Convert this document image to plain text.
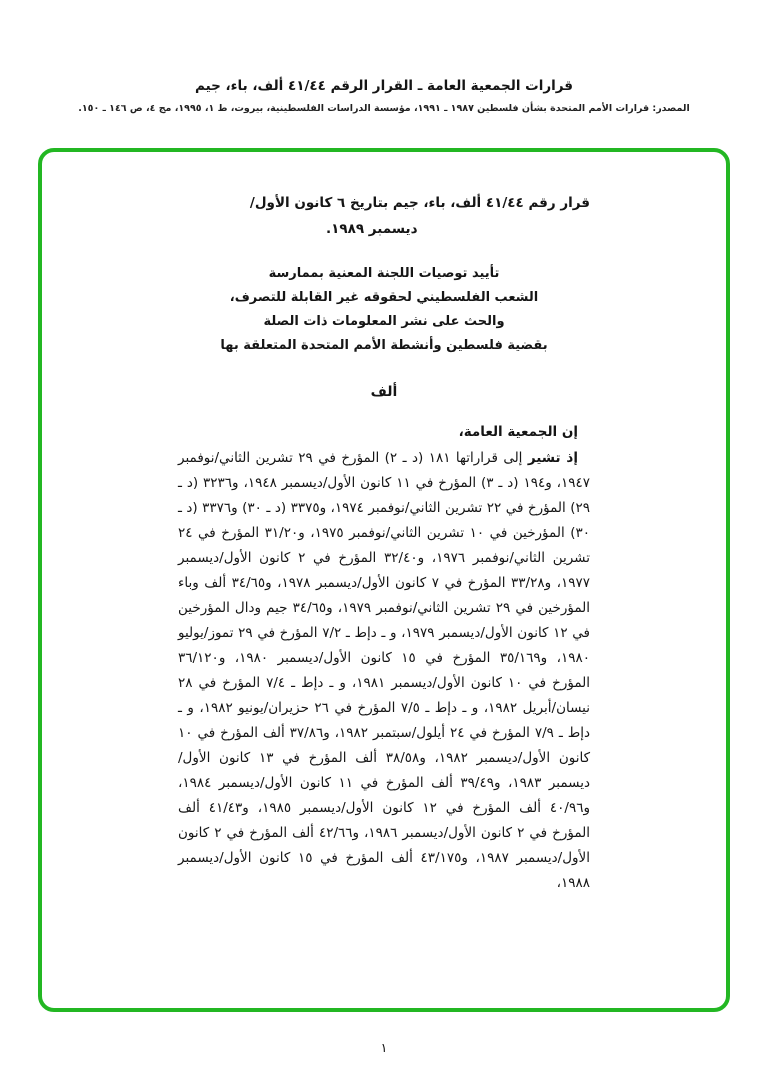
قرارات الجمعية العامة ـ القرار الرقم ٤١/٤٤ ألف، باء، جيم
المصدر: قرارات الأمم المتحدة بشأن فلسطين ١٩٨٧ ـ ١٩٩١، مؤسسة الدراسات الفلسطينية، بيروت، ط ١، ١٩٩٥، مج ٤، ص ١٤٦ ـ ١٥٠.
قرار رقم ٤١/٤٤ ألف، باء، جيم بتاريخ ٦ كانون الأول/
ديسمبر ١٩٨٩.
تأييد توصيات اللجنة المعنية بممارسة
الشعب الفلسطيني لحقوقه غير القابلة للتصرف،
والحث على نشر المعلومات ذات الصلة
بقضية فلسطين وأنشطة الأمم المتحدة المتعلقة بها
ألف
إن الجمعية العامة،

إذ تشير إلى قراراتها ١٨١ (د ـ ٢) المؤرخ في ٢٩ تشرين الثاني/نوفمبر ١٩٤٧، و١٩٤ (د ـ ٣) المؤرخ في ١١ كانون الأول/ديسمبر ١٩٤٨، و٣٢٣٦ (د ـ ٢٩) المؤرخ في ٢٢ تشرين الثاني/نوفمبر ١٩٧٤، و٣٣٧٥ (د ـ ٣٠) و٣٣٧٦ (د ـ ٣٠) المؤرخين في ١٠ تشرين الثاني/نوفمبر ١٩٧٥، و٣١/٢٠ المؤرخ في ٢٤ تشرين الثاني/نوفمبر ١٩٧٦، و٣٢/٤٠ المؤرخ في ٢ كانون الأول/ديسمبر ١٩٧٧، و٣٣/٢٨ المؤرخ في ٧ كانون الأول/ديسمبر ١٩٧٨، و٣٤/٦٥ ألف وباء المؤرخين في ٢٩ تشرين الثاني/نوفمبر ١٩٧٩، و٣٤/٦٥ جيم ودال المؤرخين في ١٢ كانون الأول/ديسمبر ١٩٧٩، و ـ دإط ـ ٧/٢ المؤرخ في ٢٩ تموز/يوليو ١٩٨٠، و٣٥/١٦٩ المؤرخ في ١٥ كانون الأول/ديسمبر ١٩٨٠، و٣٦/١٢٠ المؤرخ في ١٠ كانون الأول/ديسمبر ١٩٨١، و ـ دإط ـ ٧/٤ المؤرخ في ٢٨ نيسان/أبريل ١٩٨٢، و ـ دإط ـ ٧/٥ المؤرخ في ٢٦ حزيران/يونيو ١٩٨٢، و ـ دإط ـ ٧/٩ المؤرخ في ٢٤ أيلول/سبتمبر ١٩٨٢، و٣٧/٨٦ ألف المؤرخ في ١٠ كانون الأول/ديسمبر ١٩٨٢، و٣٨/٥٨ ألف المؤرخ في ١٣ كانون الأول/ديسمبر ١٩٨٣، و٣٩/٤٩ ألف المؤرخ في ١١ كانون الأول/ديسمبر ١٩٨٤، و٤٠/٩٦ ألف المؤرخ في ١٢ كانون الأول/ديسمبر ١٩٨٥، و٤١/٤٣ ألف المؤرخ في ٢ كانون الأول/ديسمبر ١٩٨٦، و٤٢/٦٦ ألف المؤرخ في ٢ كانون الأول/ديسمبر ١٩٨٧، و٤٣/١٧٥ ألف المؤرخ في ١٥ كانون الأول/ديسمبر ١٩٨٨،

١
